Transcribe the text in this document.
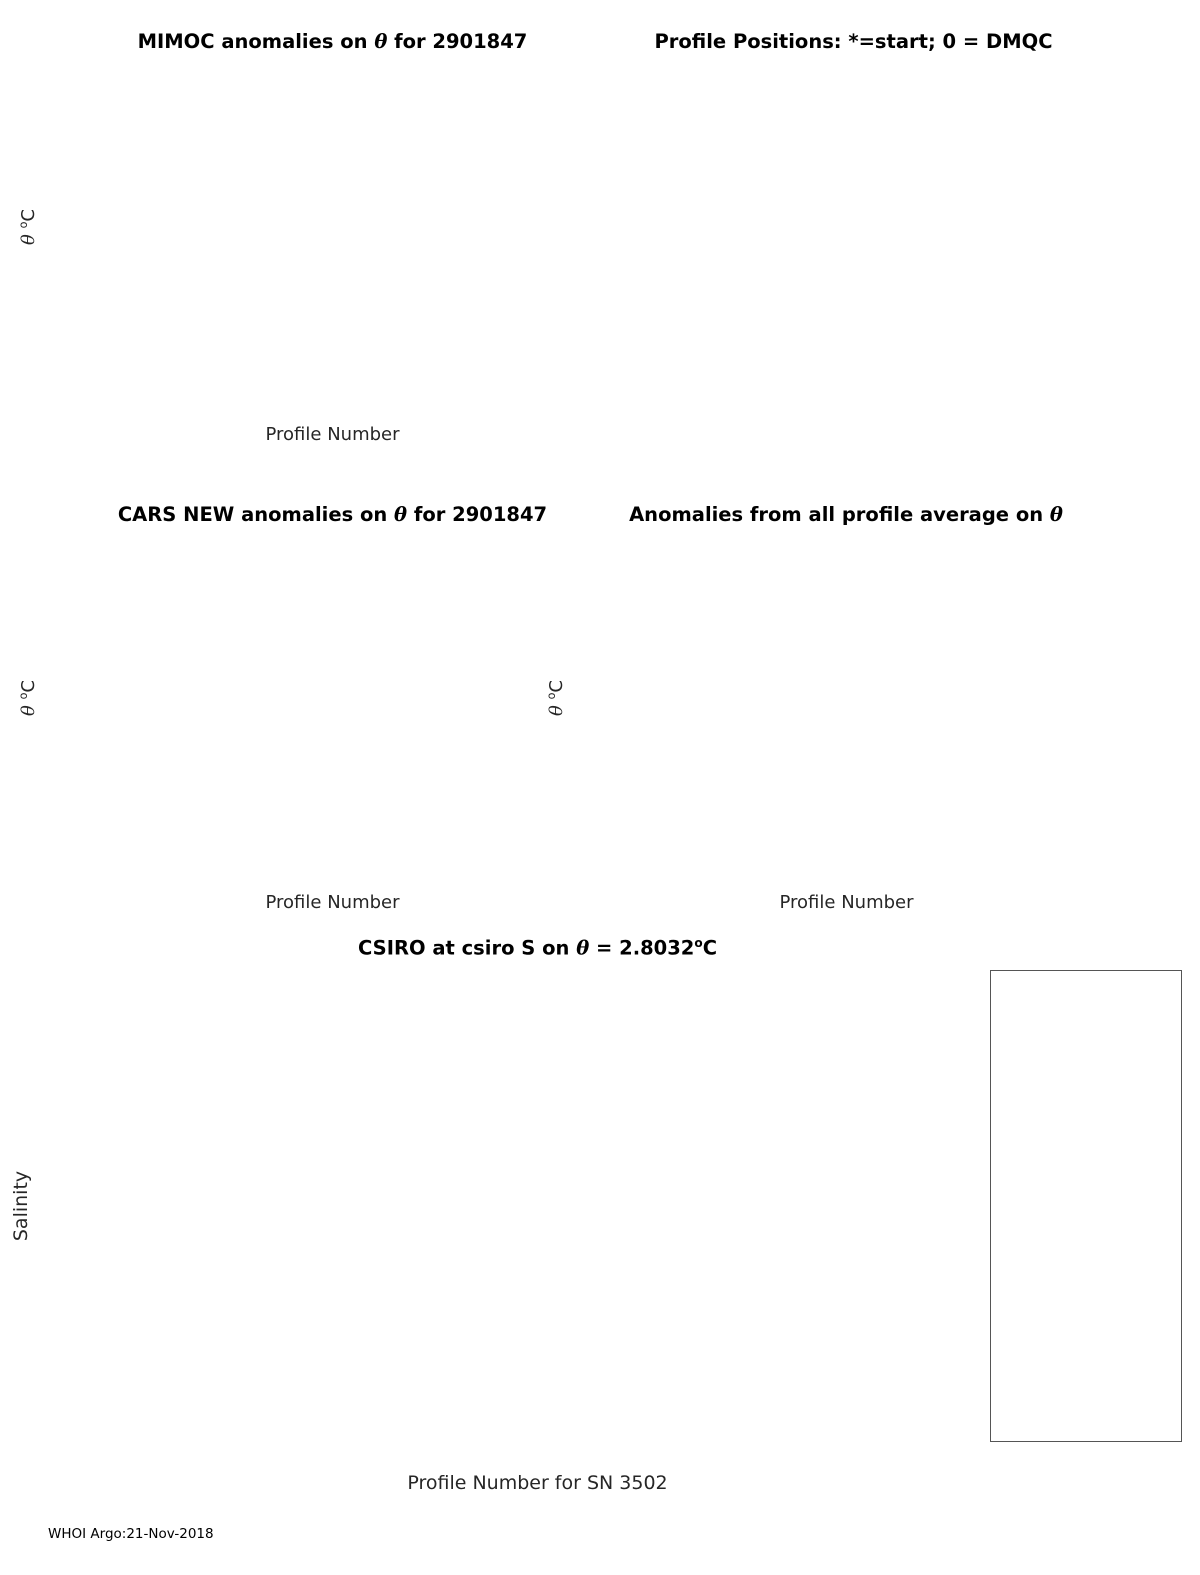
MIMOC anomalies on θ for 2901847	Profile Positions: *=start; 0 = DMQC
CARS NEW anomalies on θ for 2901847	Anomalies from all profile average on θ
CSIRO at csiro S on $\theta = 2.8032^oC$
θ $^o$C
Profile Number
θ $^o$C
Profile Number
θ $^o$C
Profile Number
Salinity
Profile Number for SN 3502
WHOI Argo:21-Nov-2018
